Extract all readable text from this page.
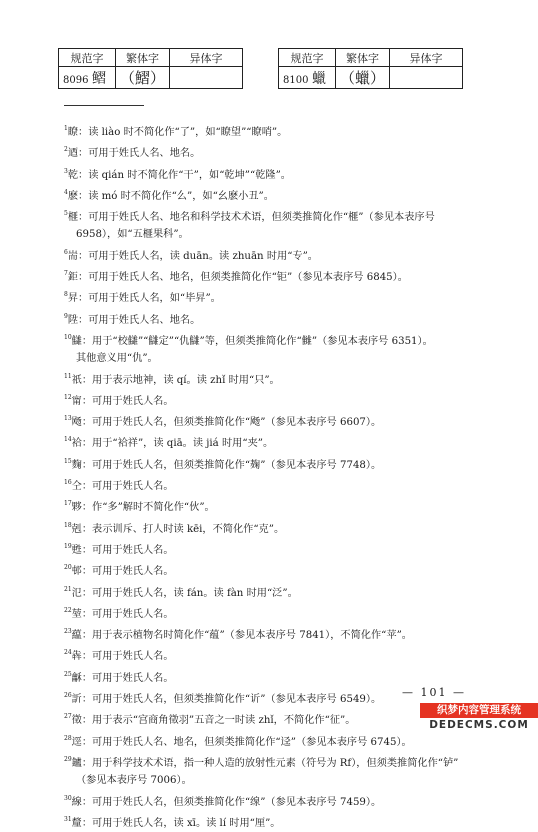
规范字	繁体字	异体字
8096 鳛	（鰼）	
规范字	繁体字	异体字
8100 蠟	（蠟）	
$^1$瞭：读 liào 时不简化作“了”，如“瞭望”“瞭哨”。
$^2$迺：可用于姓氏人名、地名。
$^3$乾：读 qián 时不简化作“干”，如“乾坤”“乾隆”。
$^4$麽：读 mó 时不简化作“么”，如“幺麽小丑”。
$^5$榧：可用于姓氏人名、地名和科学技术术语，但须类推简化作“榧”（参见本表序号
6958），如“五榧果科”。
$^6$耑：可用于姓氏人名，读 duān。读 zhuān 时用“专”。
$^7$鉅：可用于姓氏人名、地名，但须类推简化作“钜”（参见本表序号 6845）。
$^8$昇：可用于姓氏人名，如“毕昇”。
$^9$陞：可用于姓氏人名、地名。
$^{10}$讎：用于“校讎”“讎定”“仇讎”等，但须类推简化作“雠”（参见本表序号 6351）。
其他意义用“仇”。
$^{11}$祇：用于表示地神，读 qí。读 zhǐ 时用“只”。
$^{12}$甯：可用于姓氏人名。
$^{13}$飏：可用于姓氏人名，但须类推简化作“飏”（参见本表序号 6607）。
$^{14}$袷：用于“袷祥”，读 qiā。读 jiá 时用“夹”。
$^{15}$麴：可用于姓氏人名，但须类推简化作“麹”（参见本表序号 7748）。
$^{16}$仝：可用于姓氏人名。
$^{17}$夥：作“多”解时不简化作“伙”。
$^{18}$剋：表示训斥、打人时读 kēi，不简化作“克”。
$^{19}$甦：可用于姓氏人名。
$^{20}$邨：可用于姓氏人名。
$^{21}$氾：可用于姓氏人名，读 fán。读 fàn 时用“泛”。
$^{22}$堃：可用于姓氏人名。
$^{23}$藴：用于表示植物名时简化作“蕴”（参见本表序号 7841），不简化作“苹”。
$^{24}$犇：可用于姓氏人名。
$^{25}$龢：可用于姓氏人名。
$^{26}$訢：可用于姓氏人名，但须类推简化作“䜣”（参见本表序号 6549）。
$^{27}$徵：用于表示“宫商角徵羽”五音之一时读 zhǐ，不简化作“征”。
$^{28}$逕：可用于姓氏人名、地名，但须类推简化作“迳”（参见本表序号 6745）。
$^{29}$鑪：用于科学技术术语，指一种人造的放射性元素（符号为 Rf），但须类推简化作“𬬻”
（参见本表序号 7006）。
$^{30}$線：可用于姓氏人名，但须类推简化作“缐”（参见本表序号 7459）。
$^{31}$釐：可用于姓氏人名，读 xī。读 lí 时用“厘”。
— 101 —
织梦内容管理系统
DEDECMS.COM
